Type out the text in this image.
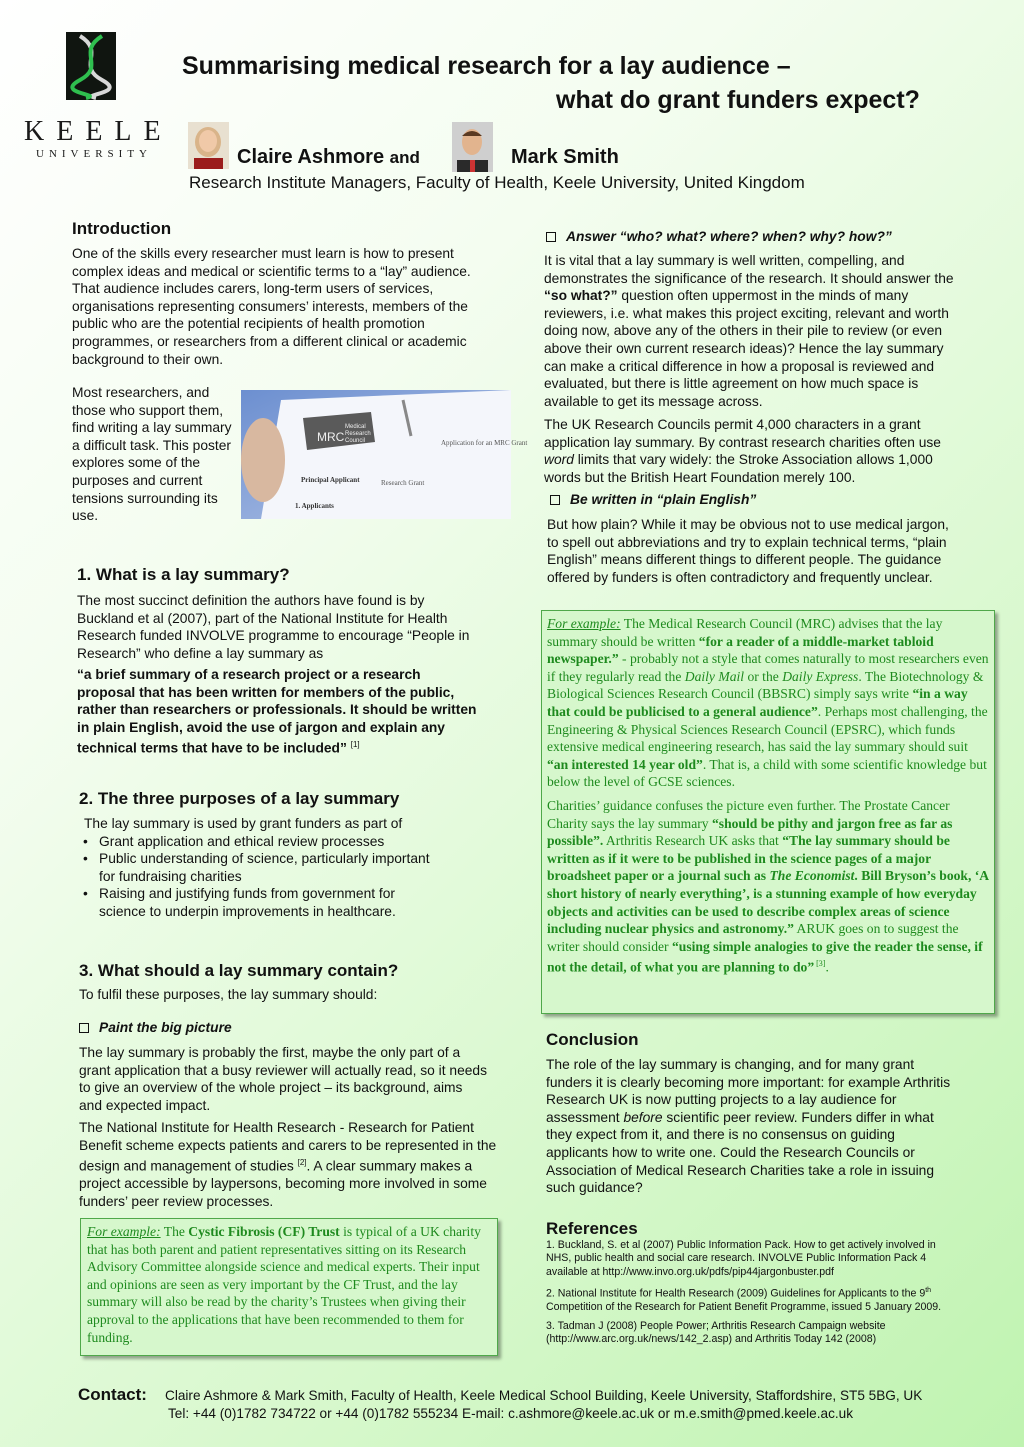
KEELE
UNIVERSITY
Summarising medical research for a lay audience –
what do grant funders expect?
Claire Ashmore and	Mark Smith
Research Institute Managers, Faculty of Health, Keele University, United Kingdom
Introduction

One of the skills every researcher must learn is how to present complex ideas and medical or scientific terms to a “lay” audience. That audience includes carers, long-term users of services, organisations representing consumers’ interests, members of the public who are the potential recipients of health promotion programmes, or researchers from a different clinical or academic background to their own.

Most researchers, and those who support them, find writing a lay summary a difficult task. This poster explores some of the purposes and current tensions surrounding its use.

Application for an MRC Grant
Research Grant
MRC
Medical Research Council
Principal Applicant
1. Applicants
1. What is a lay summary?

The most succinct definition the authors have found is by Buckland et al (2007), part of the National Institute for Health Research funded INVOLVE programme to encourage “People in Research” who define a lay summary as

“a brief summary of a research project or a research proposal that has been written for members of the public, rather than researchers or professionals. It should be written in plain English, avoid the use of jargon and explain any technical terms that have to be included” [1]

2. The three purposes of a lay summary

The lay summary is used by grant funders as part of

• Grant application and ethical review processes
• Public understanding of science, particularly important for fundraising charities
• Raising and justifying funds from government for science to underpin improvements in healthcare.
3. What should a lay summary contain?

To fulfil these purposes, the lay summary should:

Paint the big picture

The lay summary is probably the first, maybe the only part of a grant application that a busy reviewer will actually read, so it needs to give an overview of the whole project – its background, aims and expected impact.

The National Institute for Health Research - Research for Patient Benefit scheme expects patients and carers to be represented in the design and management of studies [2]. A clear summary makes a project accessible by laypersons, becoming more involved in some funders’ peer review processes.

For example: The Cystic Fibrosis (CF) Trust is typical of a UK charity that has both parent and patient representatives sitting on its Research Advisory Committee alongside science and medical experts. Their input and opinions are seen as very important by the CF Trust, and the lay summary will also be read by the charity’s Trustees when giving their approval to the applications that have been recommended to them for funding.

Answer “who? what? where? when? why? how?”

It is vital that a lay summary is well written, compelling, and demonstrates the significance of the research. It should answer the “so what?” question often uppermost in the minds of many reviewers, i.e. what makes this project exciting, relevant and worth doing now, above any of the others in their pile to review (or even above their own current research ideas)? Hence the lay summary can make a critical difference in how a proposal is reviewed and evaluated, but there is little agreement on how much space is available to get its message across.

The UK Research Councils permit 4,000 characters in a grant application lay summary. By contrast research charities often use word limits that vary widely: the Stroke Association allows 1,000 words but the British Heart Foundation merely 100.

Be written in “plain English”

But how plain? While it may be obvious not to use medical jargon, to spell out abbreviations and try to explain technical terms, “plain English” means different things to different people. The guidance offered by funders is often contradictory and frequently unclear.

For example: The Medical Research Council (MRC) advises that the lay summary should be written “for a reader of a middle-market tabloid newspaper.” - probably not a style that comes naturally to most researchers even if they regularly read the Daily Mail or the Daily Express. The Biotechnology & Biological Sciences Research Council (BBSRC) simply says write “in a way that could be publicised to a general audience”. Perhaps most challenging, the Engineering & Physical Sciences Research Council (EPSRC), which funds extensive medical engineering research, has said the lay summary should suit “an interested 14 year old”. That is, a child with some scientific knowledge but below the level of GCSE sciences.

Charities’ guidance confuses the picture even further. The Prostate Cancer Charity says the lay summary “should be pithy and jargon free as far as possible”. Arthritis Research UK asks that “The lay summary should be written as if it were to be published in the science pages of a major broadsheet paper or a journal such as The Economist. Bill Bryson’s book, ‘A short history of nearly everything’, is a stunning example of how everyday objects and activities can be used to describe complex areas of science including nuclear physics and astronomy.” ARUK goes on to suggest the writer should consider “using simple analogies to give the reader the sense, if not the detail, of what you are planning to do” [3].

Conclusion

The role of the lay summary is changing, and for many grant funders it is clearly becoming more important: for example Arthritis Research UK is now putting projects to a lay audience for assessment before scientific peer review. Funders differ in what they expect from it, and there is no consensus on guiding applicants how to write one. Could the Research Councils or Association of Medical Research Charities take a role in issuing such guidance?

References

1. Buckland, S. et al (2007) Public Information Pack. How to get actively involved in NHS, public health and social care research. INVOLVE Public Information Pack 4 available at http://www.invo.org.uk/pdfs/pip44jargonbuster.pdf

2. National Institute for Health Research (2009) Guidelines for Applicants to the 9th Competition of the Research for Patient Benefit Programme, issued 5 January 2009.

3. Tadman J (2008) People Power; Arthritis Research Campaign website (http://www.arc.org.uk/news/142_2.asp) and Arthritis Today 142 (2008)

Contact: Claire Ashmore & Mark Smith, Faculty of Health, Keele Medical School Building, Keele University, Staffordshire, ST5 5BG, UK
Tel: +44 (0)1782 734722 or +44 (0)1782 555234 E-mail: c.ashmore@keele.ac.uk or m.e.smith@pmed.keele.ac.uk
